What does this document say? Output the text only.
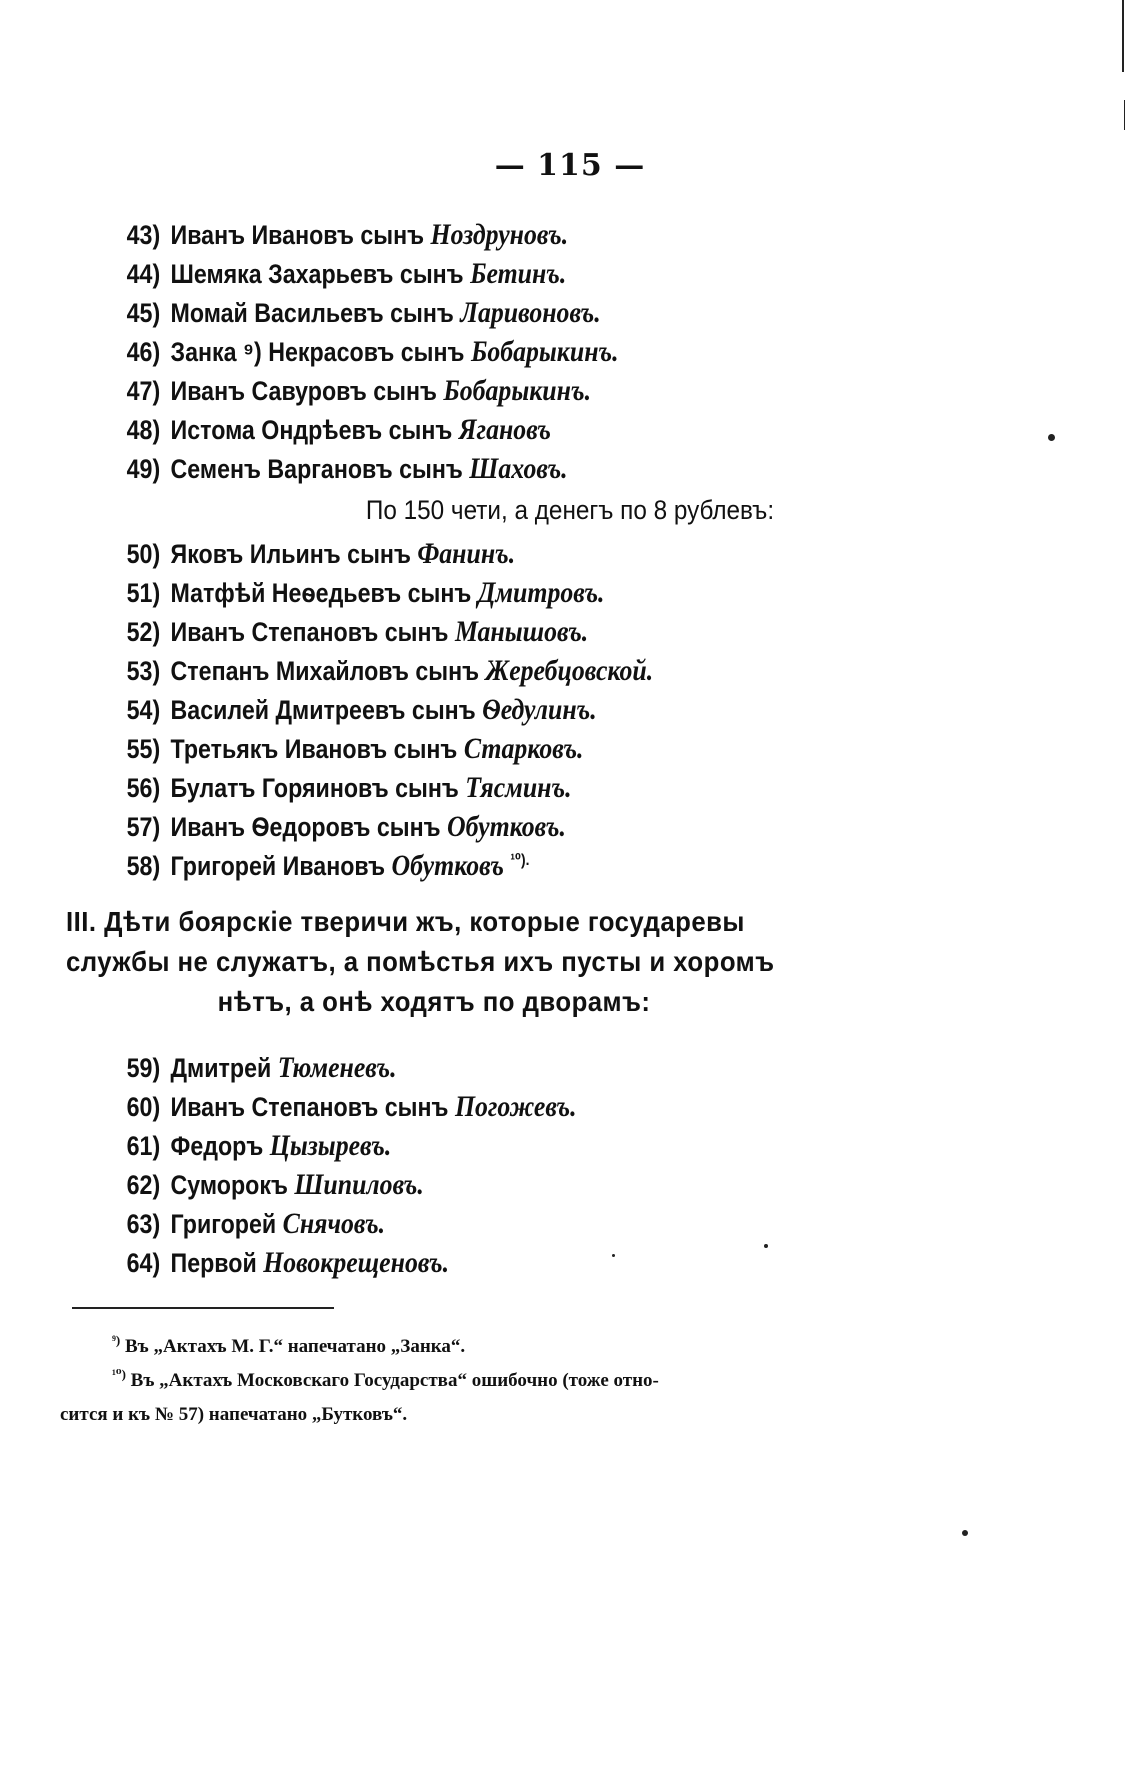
— 115 —
43) Иванъ Ивановъ сынъ Ноздруновъ.
44) Шемяка Захарьевъ сынъ Бетинъ.
45) Момай Васильевъ сынъ Ларивоновъ.
46) Занка ⁹) Некрасовъ сынъ Бобарыкинъ.
47) Иванъ Савуровъ сынъ Бобарыкинъ.
48) Истома Ондрѣевъ сынъ Ягановъ
49) Семенъ Варгановъ сынъ Шаховъ.
По 150 чети, а денегъ по 8 рублевъ:
50) Яковъ Ильинъ сынъ Фанинъ.
51) Матфѣй Неѳедьевъ сынъ Дмитровъ.
52) Иванъ Степановъ сынъ Манышовъ.
53) Степанъ Михайловъ сынъ Жеребцовской.
54) Василей Дмитреевъ сынъ Ѳедулинъ.
55) Третьякъ Ивановъ сынъ Старковъ.
56) Булатъ Горяиновъ сынъ Тясминъ.
57) Иванъ Ѳедоровъ сынъ Обутковъ.
58) Григорей Ивановъ Обутковъ $^{^{10}).}$
III. Дѣти боярскіе тверичи жъ, которые государевы
службы не служатъ, а помѣстья ихъ пусты и хоромъ
нѣтъ, а онѣ ходятъ по дворамъ:
59) Дмитрей Тюменевъ.
60) Иванъ Степановъ сынъ Погожевъ.
61) Федоръ Цызыревъ.
62) Суморокъ Шипиловъ.
63) Григорей Снячовъ.
64) Первой Новокрещеновъ.
$^{^9)}$ Въ „Актахъ М. Г.“ напечатано „Занка“.
$^{^{10})}$ Въ „Актахъ Московскаго Государства“ ошибочно (тоже отно-
сится и къ № 57) напечатано „Бутковъ“.
